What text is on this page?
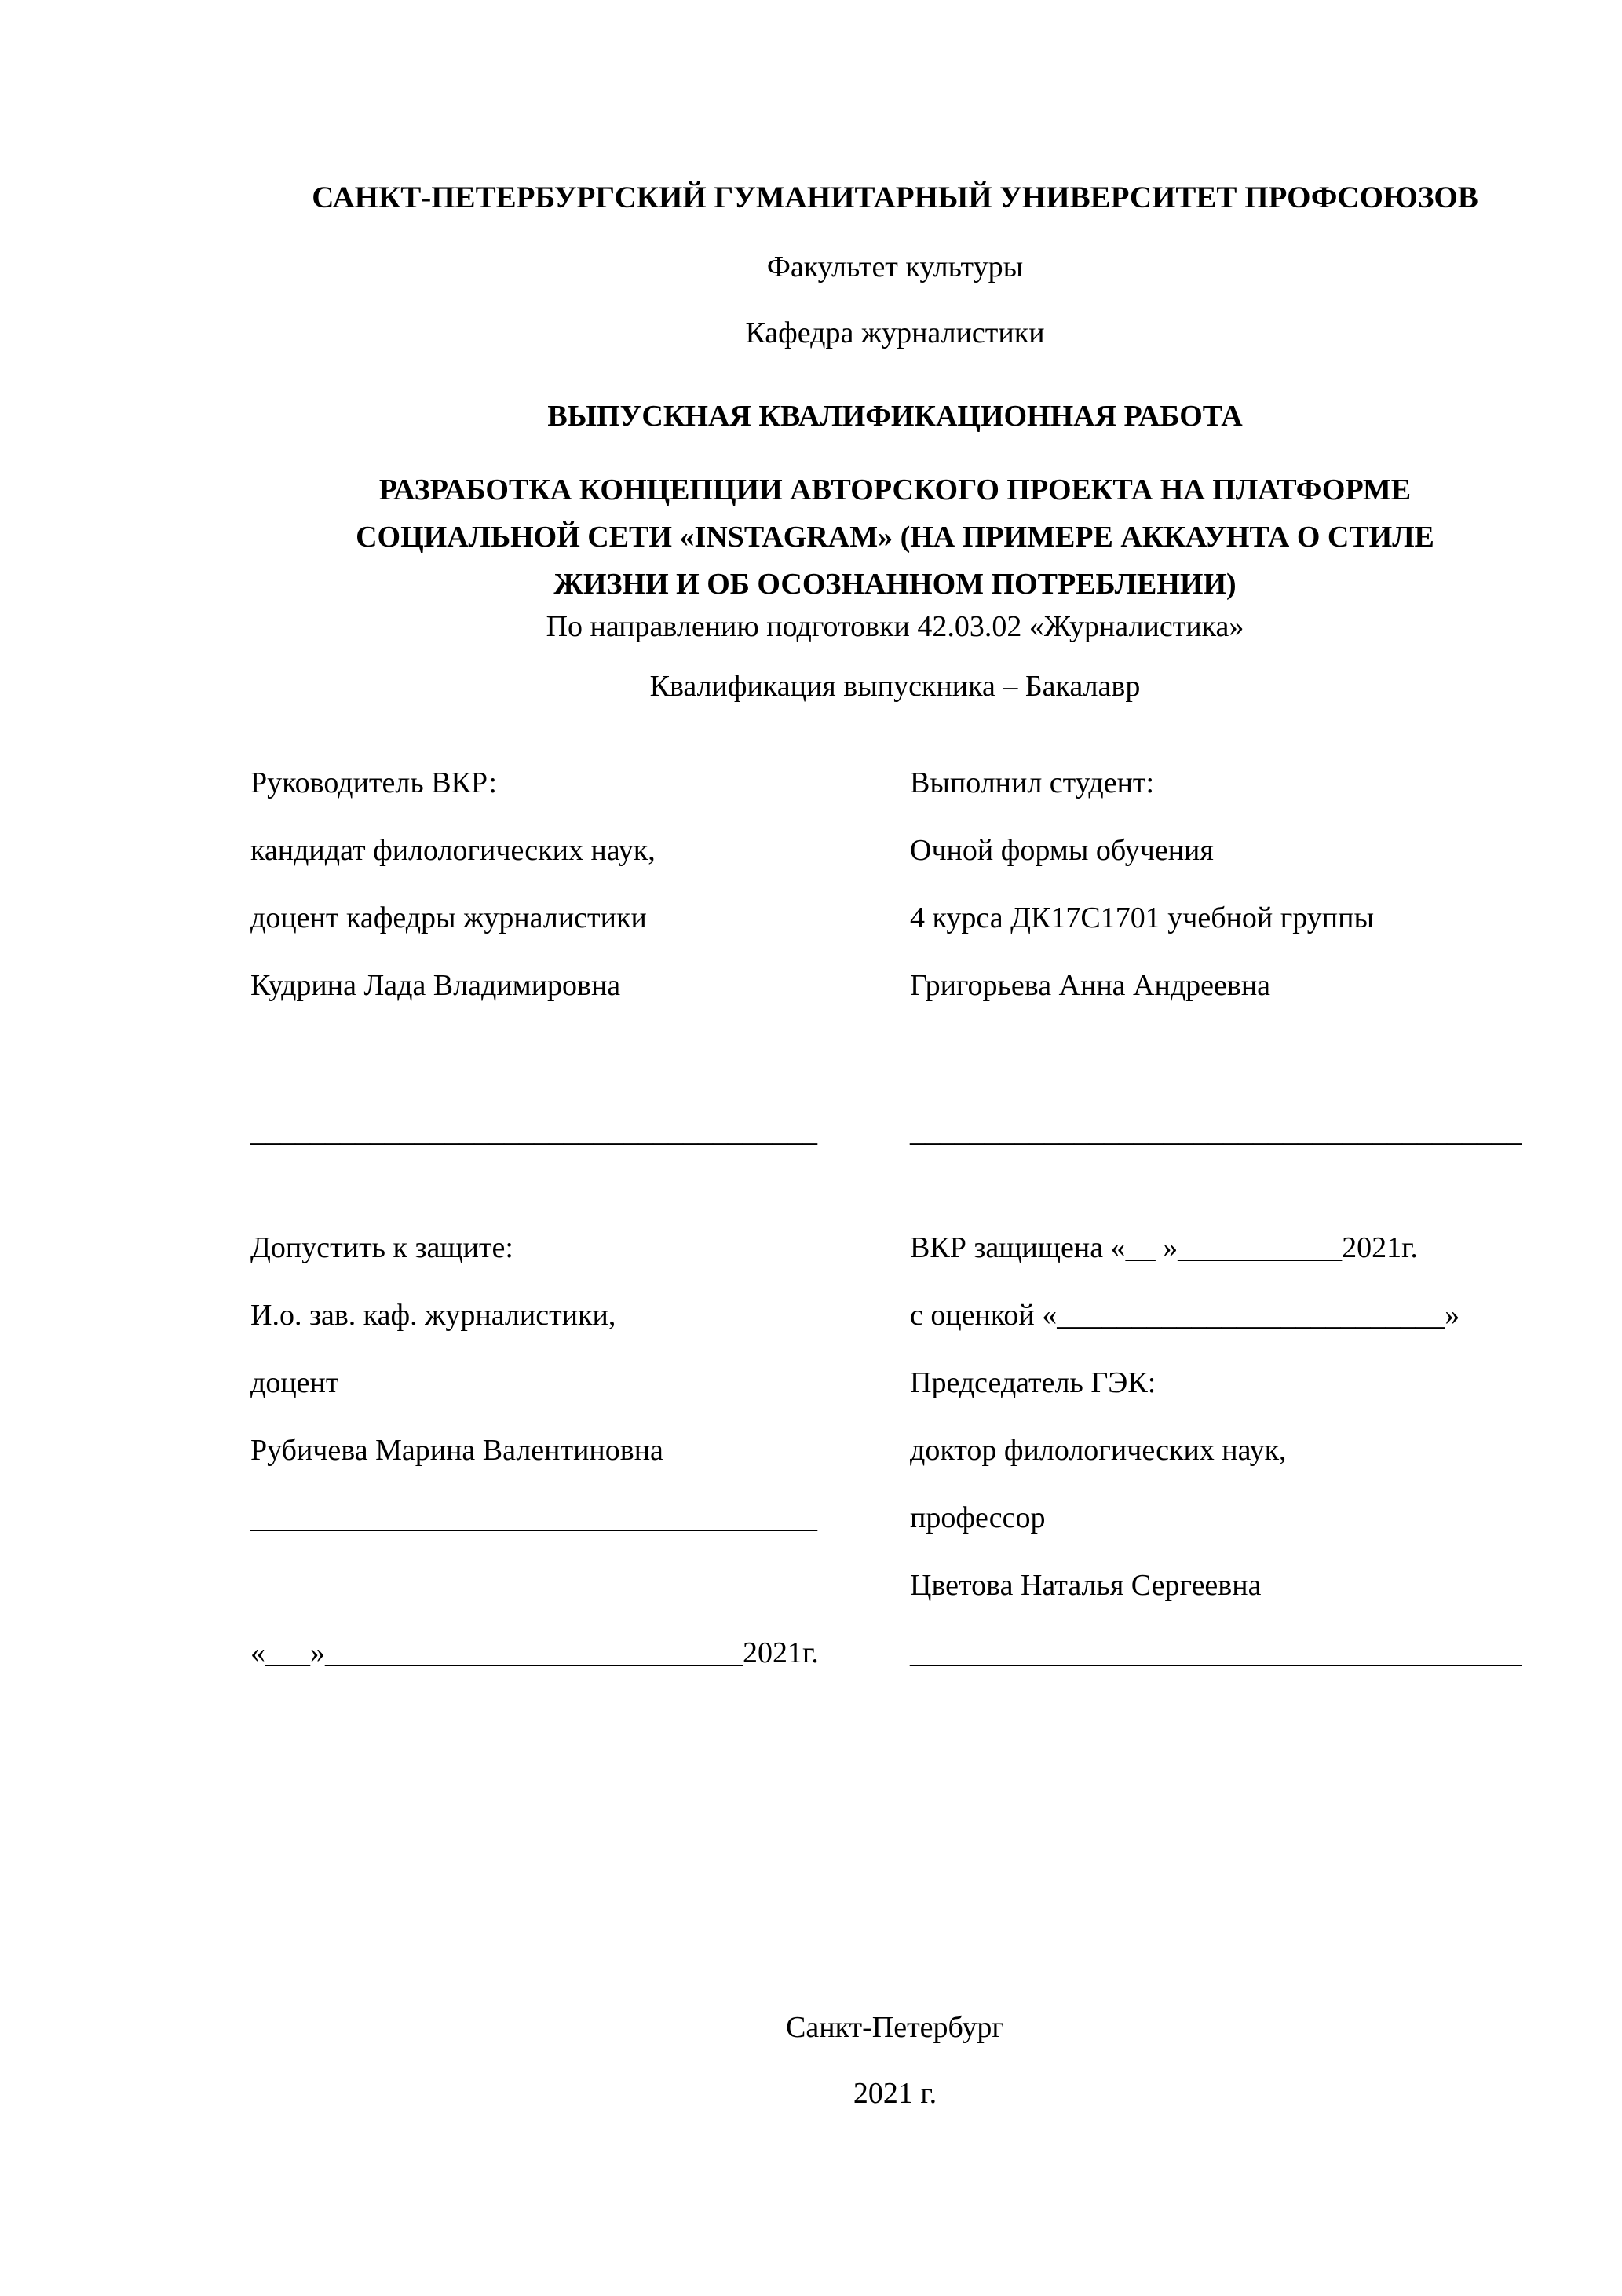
САНКТ-ПЕТЕРБУРГСКИЙ ГУМАНИТАРНЫЙ УНИВЕРСИТЕТ ПРОФСОЮЗОВ

Факультет культуры

Кафедра журналистики

ВЫПУСКНАЯ КВАЛИФИКАЦИОННАЯ РАБОТА

РАЗРАБОТКА КОНЦЕПЦИИ АВТОРСКОГО ПРОЕКТА НА ПЛАТФОРМЕ СОЦИАЛЬНОЙ СЕТИ «INSTAGRAM» (НА ПРИМЕРЕ АККАУНТА О СТИЛЕ ЖИЗНИ И ОБ ОСОЗНАННОМ ПОТРЕБЛЕНИИ)

По направлению подготовки 42.03.02 «Журналистика»

Квалификация выпускника – Бакалавр

Руководитель ВКР:

кандидат филологических наук,

доцент кафедры журналистики

Кудрина Лада Владимировна

Выполнил студент:

Очной формы обучения

4 курса ДК17С1701 учебной группы

Григорьева Анна Андреевна

______________________________________	_________________________________________

Допустить к защите:

И.о. зав. каф. журналистики,

доцент

Рубичева Марина Валентиновна

______________________________________

«___»____________________________2021г.

ВКР защищена «__ »___________2021г.

с оценкой «__________________________»

Председатель ГЭК:

доктор филологических наук,

профессор

Цветова Наталья Сергеевна

_________________________________________

Санкт-Петербург

2021 г.
